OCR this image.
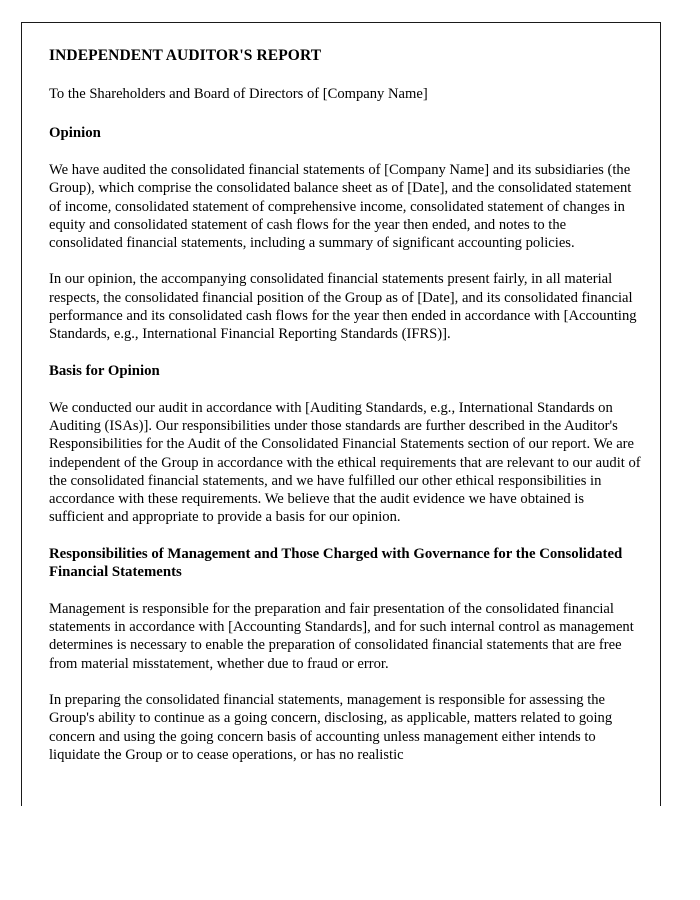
INDEPENDENT AUDITOR'S REPORT

To the Shareholders and Board of Directors of [Company Name]

Opinion

We have audited the consolidated financial statements of [Company Name] and its subsidiaries (the Group), which comprise the consolidated balance sheet as of [Date], and the consolidated statement of income, consolidated statement of comprehensive income, consolidated statement of changes in equity and consolidated statement of cash flows for the year then ended, and notes to the consolidated financial statements, including a summary of significant accounting policies.

In our opinion, the accompanying consolidated financial statements present fairly, in all material respects, the consolidated financial position of the Group as of [Date], and its consolidated financial performance and its consolidated cash flows for the year then ended in accordance with [Accounting Standards, e.g., International Financial Reporting Standards (IFRS)].

Basis for Opinion

We conducted our audit in accordance with [Auditing Standards, e.g., International Standards on Auditing (ISAs)]. Our responsibilities under those standards are further described in the Auditor's Responsibilities for the Audit of the Consolidated Financial Statements section of our report. We are independent of the Group in accordance with the ethical requirements that are relevant to our audit of the consolidated financial statements, and we have fulfilled our other ethical responsibilities in accordance with these requirements. We believe that the audit evidence we have obtained is sufficient and appropriate to provide a basis for our opinion.

Responsibilities of Management and Those Charged with Governance for the Consolidated Financial Statements

Management is responsible for the preparation and fair presentation of the consolidated financial statements in accordance with [Accounting Standards], and for such internal control as management determines is necessary to enable the preparation of consolidated financial statements that are free from material misstatement, whether due to fraud or error.

In preparing the consolidated financial statements, management is responsible for assessing the Group's ability to continue as a going concern, disclosing, as applicable, matters related to going concern and using the going concern basis of accounting unless management either intends to liquidate the Group or to cease operations, or has no realistic
